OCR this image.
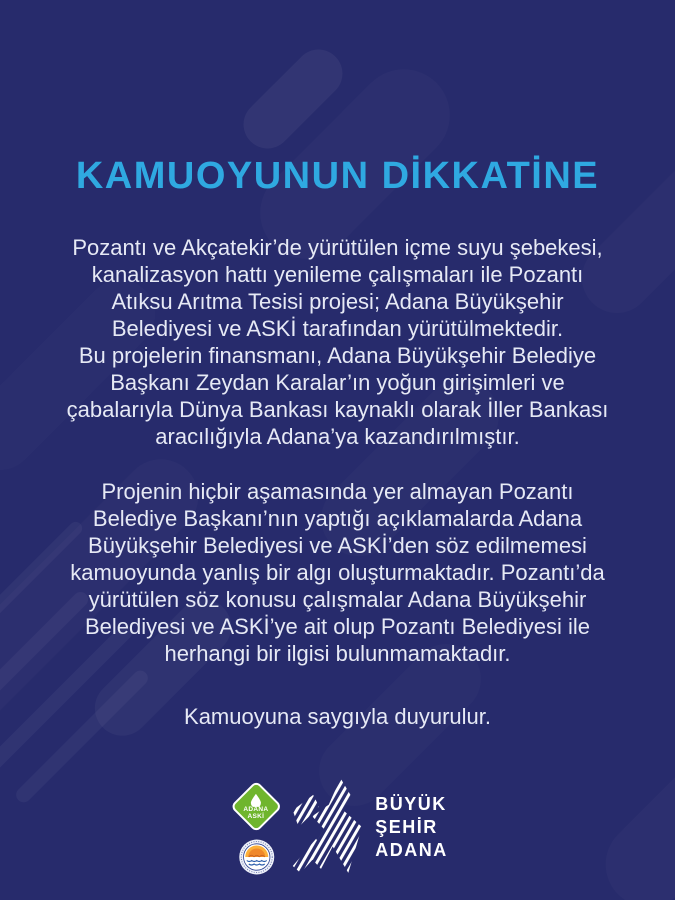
KAMUOYUNUN DİKKATİNE
Pozantı ve Akçatekir’de yürütülen içme suyu şebekesi,
kanalizasyon hattı yenileme çalışmaları ile Pozantı
Atıksu Arıtma Tesisi projesi; Adana Büyükşehir
Belediyesi ve ASKİ tarafından yürütülmektedir.
Bu projelerin finansmanı, Adana Büyükşehir Belediye
Başkanı Zeydan Karalar’ın yoğun girişimleri ve
çabalarıyla Dünya Bankası kaynaklı olarak İller Bankası
aracılığıyla Adana’ya kazandırılmıştır.
Projenin hiçbir aşamasında yer almayan Pozantı
Belediye Başkanı’nın yaptığı açıklamalarda Adana
Büyükşehir Belediyesi ve ASKİ’den söz edilmemesi
kamuoyunda yanlış bir algı oluşturmaktadır. Pozantı’da
yürütülen söz konusu çalışmalar Adana Büyükşehir
Belediyesi ve ASKİ’ye ait olup Pozantı Belediyesi ile
herhangi bir ilgisi bulunmamaktadır.
Kamuoyuna saygıyla duyurulur.
ADANA
ASKİ
BÜYÜK
ŞEHİR
ADANA
